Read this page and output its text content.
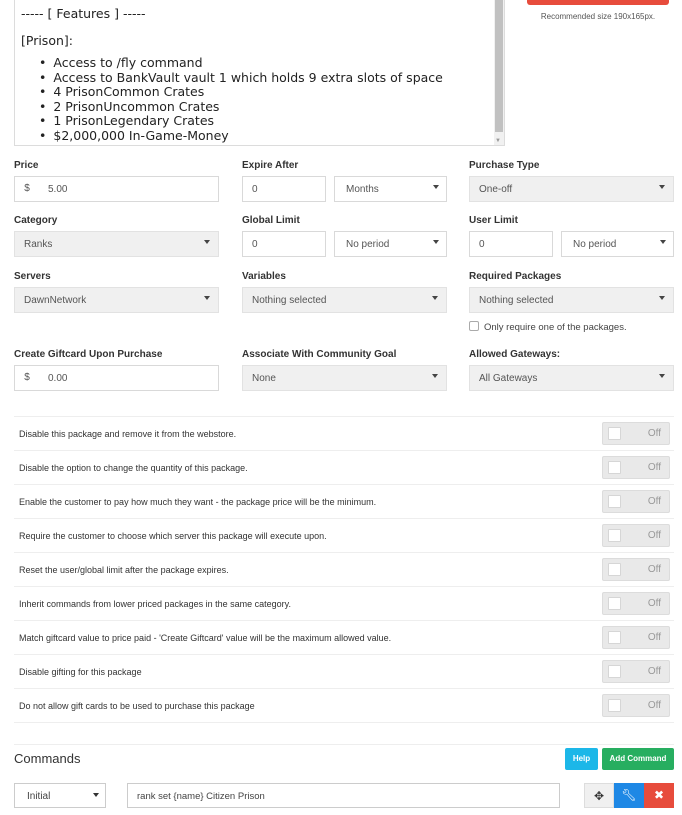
----- [ Features ] -----
[Prison]:
• Access to /fly command
• Access to BankVault vault 1 which holds 9 extra slots of space
• 4 PrisonCommon Crates
• 2 PrisonUncommon Crates
• 1 PrisonLegendary Crates
• $2,000,000 In-Game-Money	▼
Recommended size 190x165px.
Price
$	5.00
Expire After
0	Months
Purchase Type
One-off
Category
Ranks
Global Limit
0	No period
User Limit
0	No period
Servers
DawnNetwork
Variables
Nothing selected
Required Packages
Nothing selected
Only require one of the packages.
Create Giftcard Upon Purchase
$	0.00
Associate With Community Goal
None
Allowed Gateways:
All Gateways
Disable this package and remove it from the webstore.	Off
Disable the option to change the quantity of this package.	Off
Enable the customer to pay how much they want - the package price will be the minimum.	Off
Require the customer to choose which server this package will execute upon.	Off
Reset the user/global limit after the package expires.	Off
Inherit commands from lower priced packages in the same category.	Off
Match giftcard value to price paid - 'Create Giftcard' value will be the maximum allowed value.	Off
Disable gifting for this package	Off
Do not allow gift cards to be used to purchase this package	Off
Commands	Help	Add Command
Initial	rank set {name} Citizen Prison	✥	🔧︎	✖
